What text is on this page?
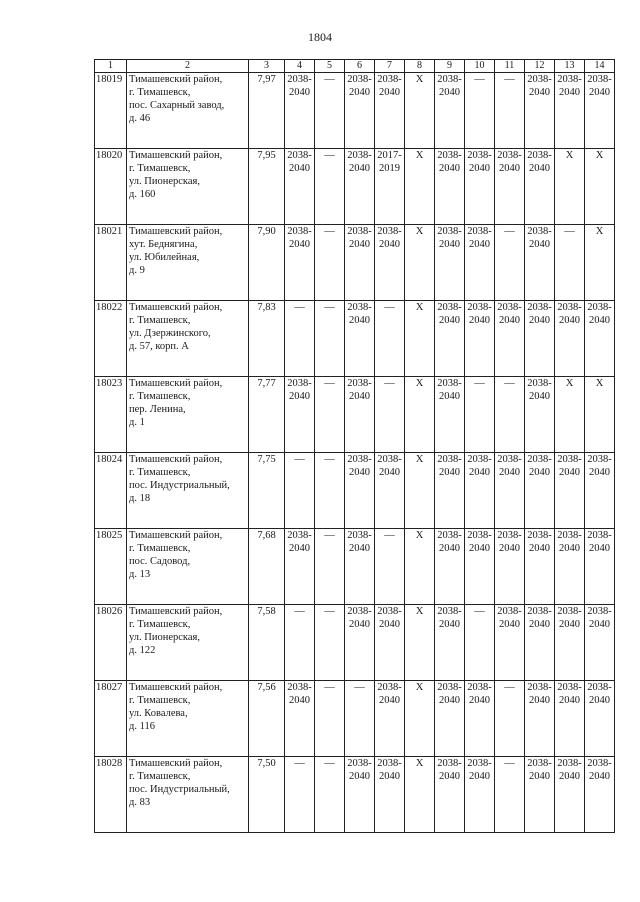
1804
1	2	3	4	5	6	7	8	9	10	11	12	13	14
18019	Тимашевский район,
г. Тимашевск,
пос. Сахарный завод,
д. 46	7,97	2038-
2040	—	2038-
2040	2038-
2040	X	2038-
2040	—	—	2038-
2040	2038-
2040	2038-
2040

18020	Тимашевский район,
г. Тимашевск,
ул. Пионерская,
д. 160	7,95	2038-
2040	—	2038-
2040	2017-
2019	X	2038-
2040	2038-
2040	2038-
2040	2038-
2040	X	X
18021	Тимашевский район,
хут. Беднягина,
ул. Юбилейная,
д. 9	7,90	2038-
2040	—	2038-
2040	2038-
2040	X	2038-
2040	2038-
2040	—	2038-
2040	—	X
18022	Тимашевский район,
г. Тимашевск,
ул. Дзержинского,
д. 57, корп. А	7,83	—	—	2038-
2040	—	X	2038-
2040	2038-
2040	2038-
2040	2038-
2040	2038-
2040	2038-
2040

18023	Тимашевский район,
г. Тимашевск,
пер. Ленина,
д. 1	7,77	2038-
2040	—	2038-
2040	—	X	2038-
2040	—	—	2038-
2040	X	X
18024	Тимашевский район,
г. Тимашевск,
пос. Индустриальный,
д. 18	7,75	—	—	2038-
2040	2038-
2040	X	2038-
2040	2038-
2040	2038-
2040	2038-
2040	2038-
2040	2038-
2040

18025	Тимашевский район,
г. Тимашевск,
пос. Садовод,
д. 13	7,68	2038-
2040	—	2038-
2040	—	X	2038-
2040	2038-
2040	2038-
2040	2038-
2040	2038-
2040	2038-
2040

18026	Тимашевский район,
г. Тимашевск,
ул. Пионерская,
д. 122	7,58	—	—	2038-
2040	2038-
2040	X	2038-
2040	—	2038-
2040	2038-
2040	2038-
2040	2038-
2040

18027	Тимашевский район,
г. Тимашевск,
ул. Ковалева,
д. 116	7,56	2038-
2040	—	—	2038-
2040	X	2038-
2040	2038-
2040	—	2038-
2040	2038-
2040	2038-
2040

18028	Тимашевский район,
г. Тимашевск,
пос. Индустриальный,
д. 83	7,50	—	—	2038-
2040	2038-
2040	X	2038-
2040	2038-
2040	—	2038-
2040	2038-
2040	2038-
2040
